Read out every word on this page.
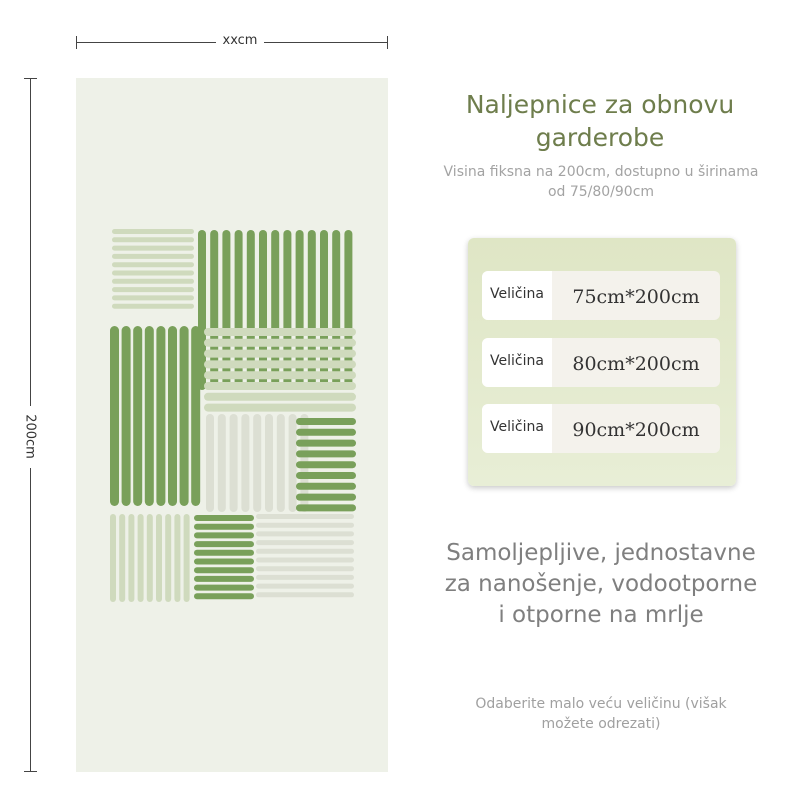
xxcm
200cm
Naljepnice za obnovu
garderobe
Visina fiksna na 200cm, dostupno u širinama
od 75/80/90cm
Veličina	75cm*200cm
Veličina	80cm*200cm
Veličina	90cm*200cm
Samoljepljive, jednostavne
za nanošenje, vodootporne
i otporne na mrlje
Odaberite malo veću veličinu (višak
možete odrezati)
